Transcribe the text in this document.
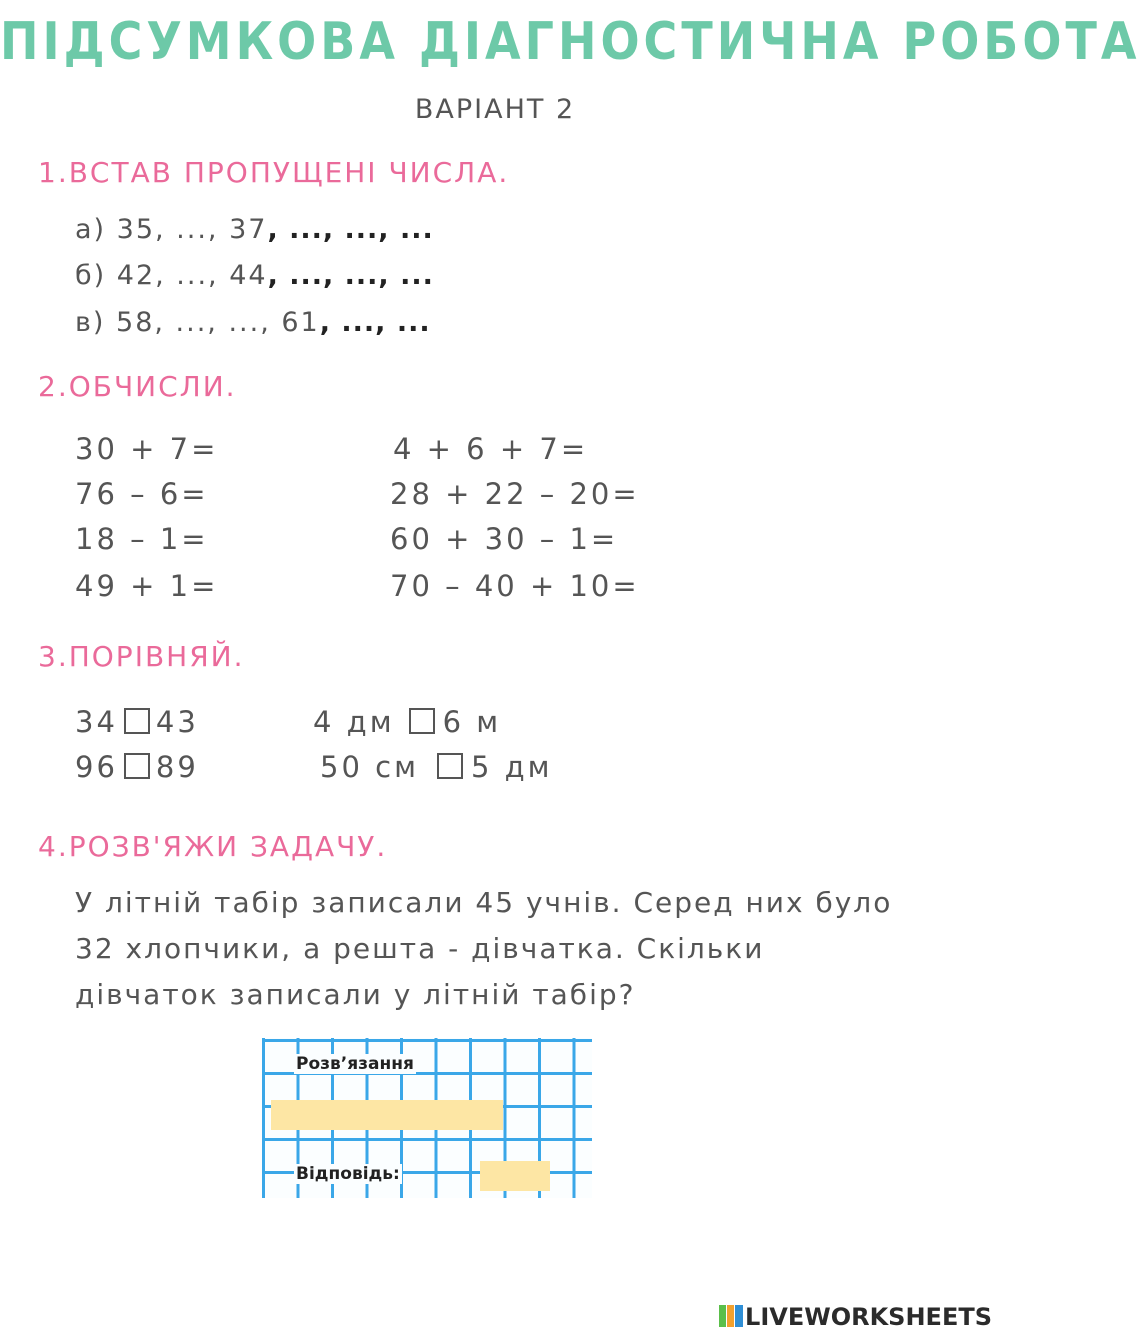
ПІДСУМКОВА ДІАГНОСТИЧНА РОБОТА
ВАРІАНТ 2
1.ВСТАВ ПРОПУЩЕНІ ЧИСЛА.
а) 35, ..., 37, ..., ..., ...
б) 42, ..., 44, ..., ..., ...
в) 58, ..., ..., 61, ..., ...
2.ОБЧИСЛИ.
30 + 7=
76 – 6=
18 – 1=
49 + 1=
4 + 6 + 7=
28 + 22 – 20=
60 + 30 – 1=
70 – 40 + 10=
3.ПОРІВНЯЙ.
34 43	4 дм 6 м
96 89	50 см 5 дм
4.РОЗВ'ЯЖИ ЗАДАЧУ.
У літній табір записали 45 учнів. Серед них було
32 хлопчики, а решта - дівчатка. Скільки
дівчаток записали у літній табір?
Розв’язання
Відповідь:
LIVEWORKSHEETS
